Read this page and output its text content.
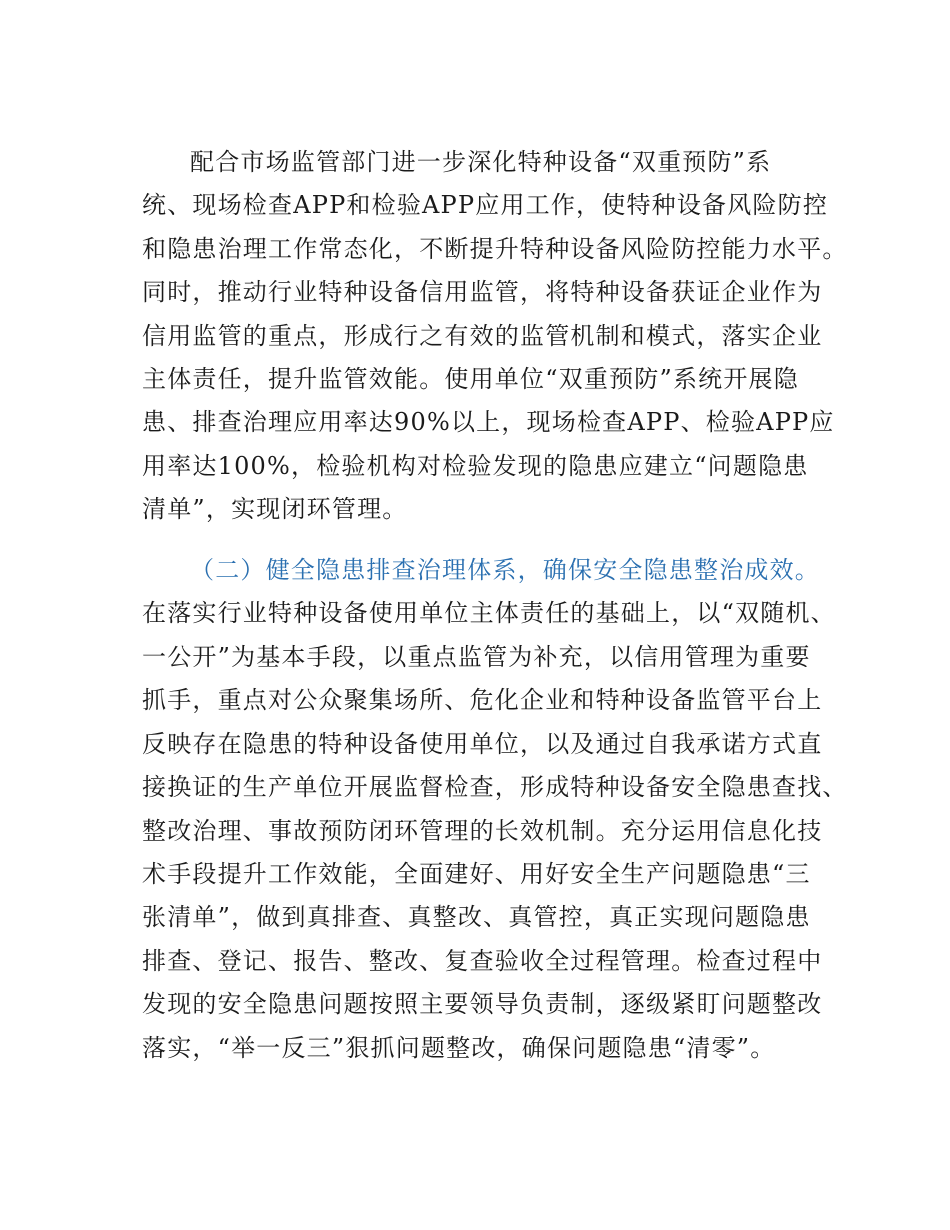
配合市场监管部门进一步深化特种设备“双重预防”系
统、现场检查APP和检验APP应用工作，使特种设备风险防控
和隐患治理工作常态化，不断提升特种设备风险防控能力水平。
同时，推动行业特种设备信用监管，将特种设备获证企业作为
信用监管的重点，形成行之有效的监管机制和模式，落实企业
主体责任，提升监管效能。使用单位“双重预防”系统开展隐
患、排查治理应用率达90%以上，现场检查APP、检验APP应
用率达100%，检验机构对检验发现的隐患应建立“问题隐患
清单”，实现闭环管理。
（二）健全隐患排查治理体系，确保安全隐患整治成效。
在落实行业特种设备使用单位主体责任的基础上，以“双随机、
一公开”为基本手段，以重点监管为补充，以信用管理为重要
抓手，重点对公众聚集场所、危化企业和特种设备监管平台上
反映存在隐患的特种设备使用单位，以及通过自我承诺方式直
接换证的生产单位开展监督检查，形成特种设备安全隐患查找、
整改治理、事故预防闭环管理的长效机制。充分运用信息化技
术手段提升工作效能，全面建好、用好安全生产问题隐患“三
张清单”，做到真排查、真整改、真管控，真正实现问题隐患
排查、登记、报告、整改、复查验收全过程管理。检查过程中
发现的安全隐患问题按照主要领导负责制，逐级紧盯问题整改
落实，“举一反三”狠抓问题整改，确保问题隐患“清零”。
